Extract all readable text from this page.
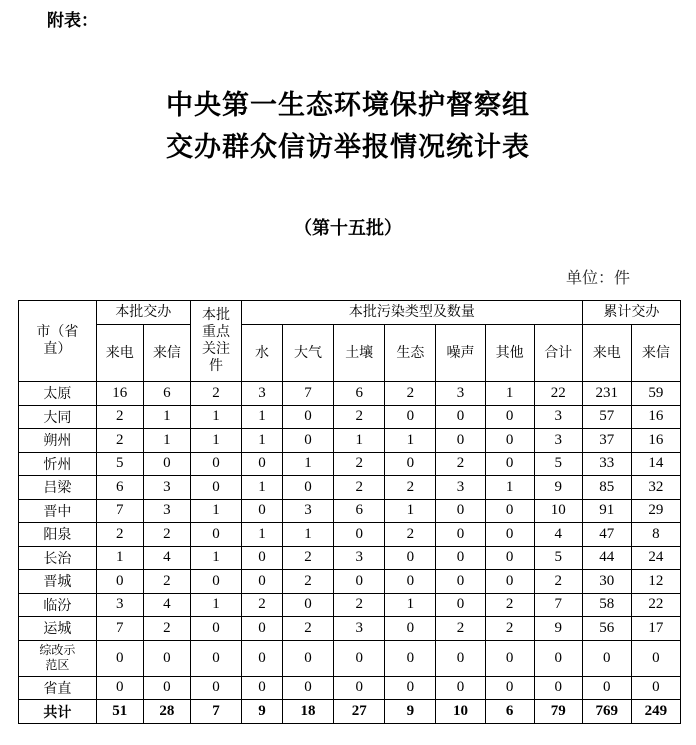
附表：
中央第一生态环境保护督察组
交办群众信访举报情况统计表
（第十五批）
单位：件
市（省直）	本批交办		本批重点关注件	本批污染类型及数量							累计交办	
	来电	来信		水	大气	土壤	生态	噪声	其他	合计	来电	来信
太原	16	6	2	3	7	6	2	3	1	22	231	59
大同	2	1	1	1	0	2	0	0	0	3	57	16
朔州	2	1	1	1	0	1	1	0	0	3	37	16
忻州	5	0	0	0	1	2	0	2	0	5	33	14
吕梁	6	3	0	1	0	2	2	3	1	9	85	32
晋中	7	3	1	0	3	6	1	0	0	10	91	29
阳泉	2	2	0	1	1	0	2	0	0	4	47	8
长治	1	4	1	0	2	3	0	0	0	5	44	24
晋城	0	2	0	0	2	0	0	0	0	2	30	12
临汾	3	4	1	2	0	2	1	0	2	7	58	22
运城	7	2	0	0	2	3	0	2	2	9	56	17
综改示范区	0	0	0	0	0	0	0	0	0	0	0	0
省直	0	0	0	0	0	0	0	0	0	0	0	0
共计	51	28	7	9	18	27	9	10	6	79	769	249
